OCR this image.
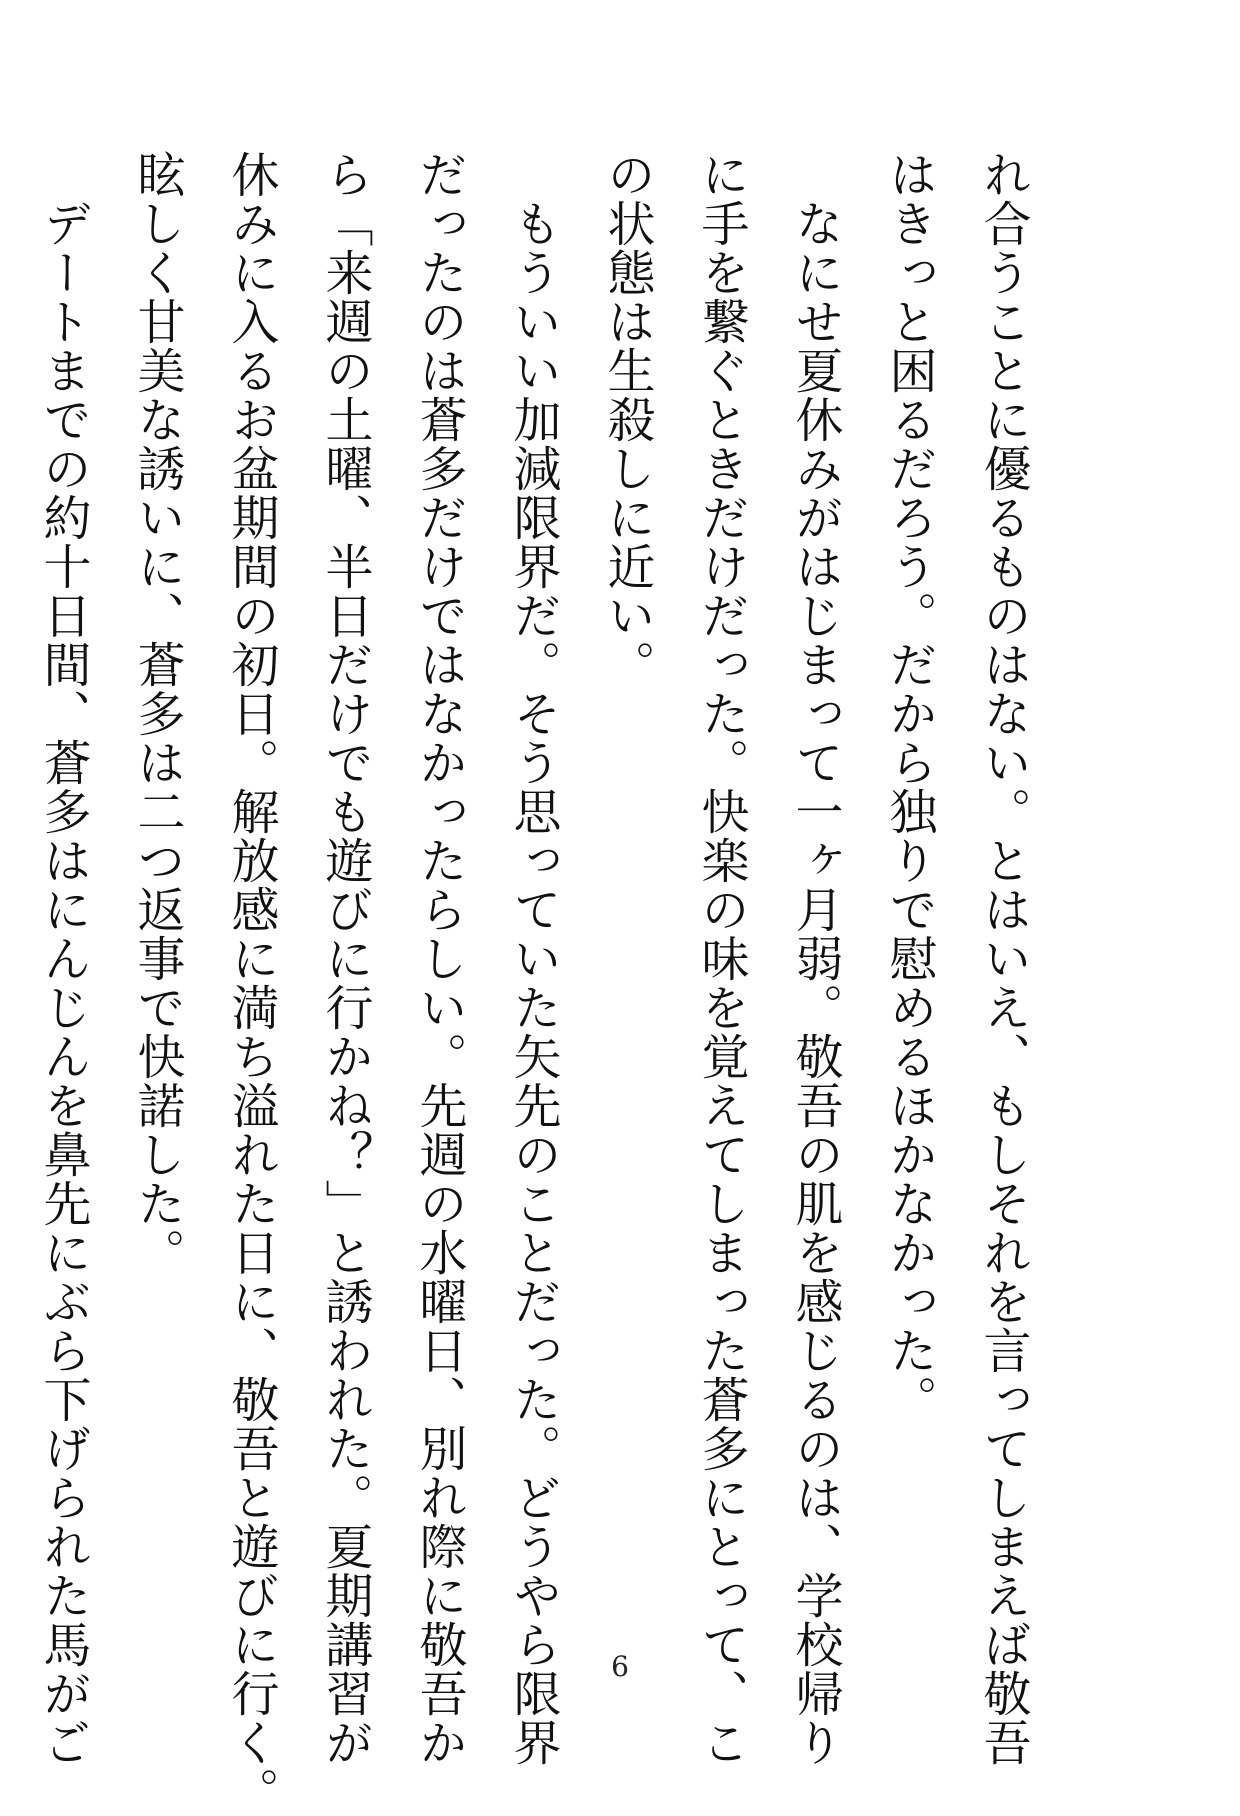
れ合うことに優るものはない。とはいえ、もしそれを言ってしまえば敬吾
はきっと困るだろう。だから独りで慰めるほかなかった。
　なにせ夏休みがはじまって一ヶ月弱。敬吾の肌を感じるのは、学校帰り
に手を繋ぐときだけだった。快楽の味を覚えてしまった蒼多にとって、こ
の状態は生殺しに近い。
　もういい加減限界だ。そう思っていた矢先のことだった。どうやら限界
だったのは蒼多だけではなかったらしい。先週の水曜日、別れ際に敬吾か
ら「来週の土曜、半日だけでも遊びに行かね？」と誘われた。夏期講習が
休みに入るお盆期間の初日。解放感に満ち溢れた日に、敬吾と遊びに行く。
眩しく甘美な誘いに、蒼多は二つ返事で快諾した。
　デートまでの約十日間、蒼多はにんじんを鼻先にぶら下げられた馬がご	6
